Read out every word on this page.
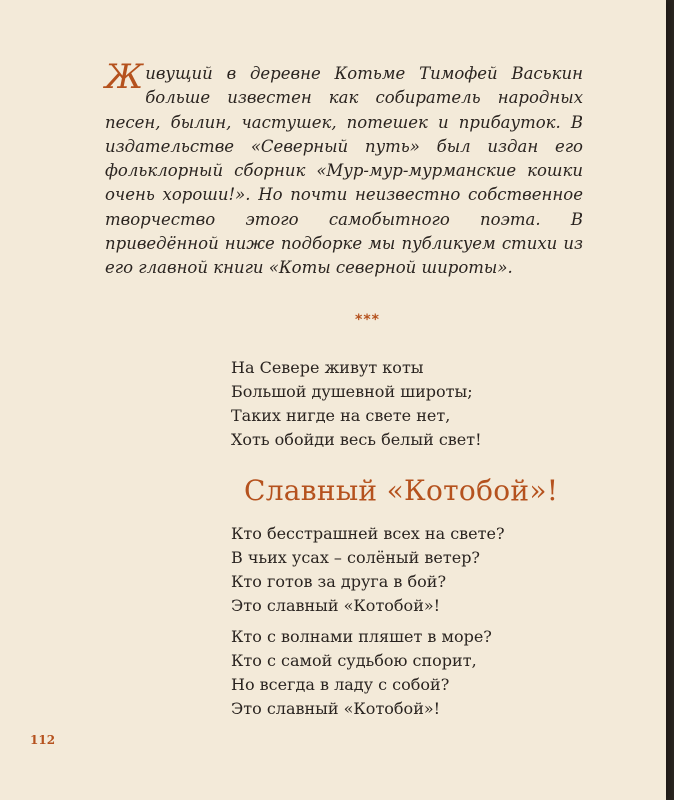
Живущий в деревне Котьме Тимофей Васькин больше известен как собиратель народных песен, былин, частушек, потешек и прибауток. В издательстве «Северный путь» был издан его фольклорный сборник «Мур-мур-мурманские кошки очень хороши!». Но почти неизвестно собственное творчество этого самобытного поэта. В приведённой ниже подборке мы публикуем стихи из его главной книги «Коты северной широты».

***
На Севере живут коты
Большой душевной широты;
Таких нигде на свете нет,
Хоть обойди весь белый свет!
Славный «Котобой»!
Кто бесстрашней всех на свете?
В чьих усах – солёный ветер?
Кто готов за друга в бой?
Это славный «Котобой»!
Кто с волнами пляшет в море?
Кто с самой судьбою спорит,
Но всегда в ладу с собой?
Это славный «Котобой»!
112
